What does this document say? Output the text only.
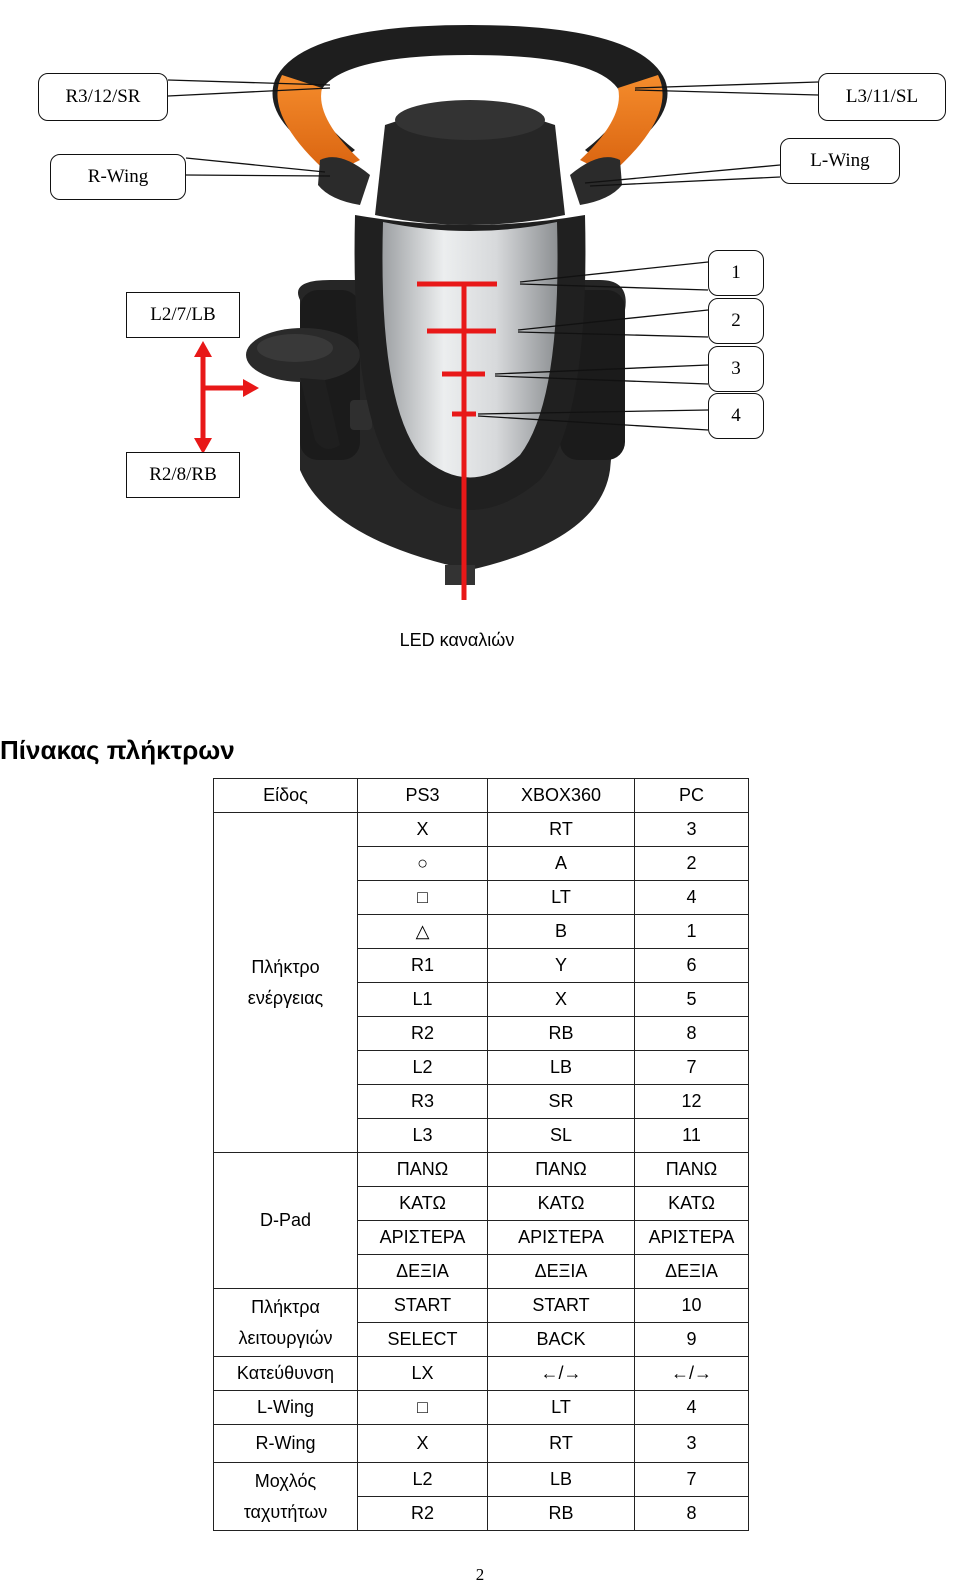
R3/12/SR	L3/11/SL
R-Wing
L-Wing
L2/7/LB
R2/8/RB
1
2
3
4
LED καναλιών
Πίνακας πλήκτρων
Είδος	PS3	XBOX360	PC
Πλήκτρο ενέργειας	X	RT	3
	○	A	2
	□	LT	4
	△	B	1
	R1	Y	6
	L1	X	5
	R2	RB	8
	L2	LB	7
	R3	SR	12
	L3	SL	11
D-Pad	ΠΑΝΩ	ΠΑΝΩ	ΠΑΝΩ
	ΚΑΤΩ	ΚΑΤΩ	ΚΑΤΩ
	ΑΡΙΣΤΕΡΑ	ΑΡΙΣΤΕΡΑ	ΑΡΙΣΤΕΡΑ
	ΔΕΞΙΑ	ΔΕΞΙΑ	ΔΕΞΙΑ
Πλήκτρα λειτουργιών	START	START	10
	SELECT	BACK	9
Κατεύθυνση	LX	←/→	←/→
L-Wing	□	LT	4
R-Wing	X	RT	3
Μοχλός ταχυτήτων	L2	LB	7
	R2	RB	8
2
